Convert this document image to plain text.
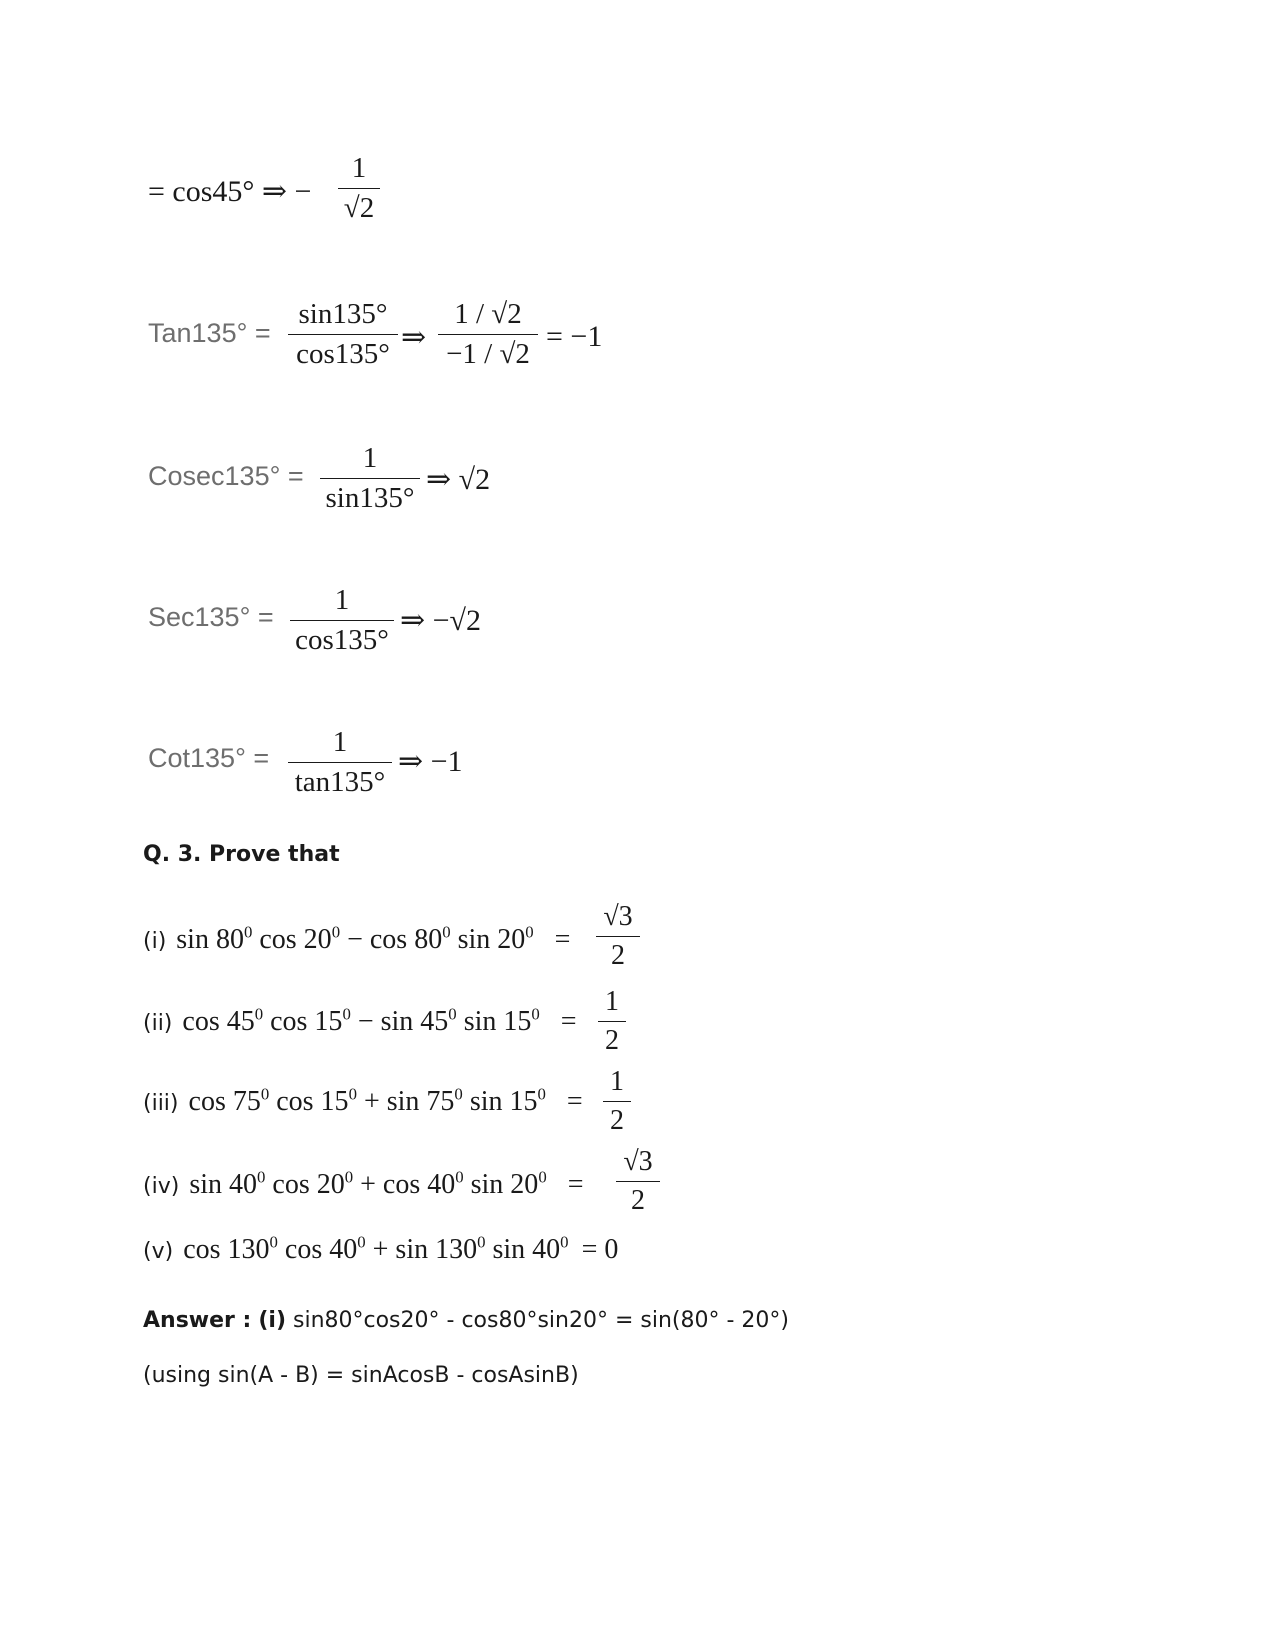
= cos45° ⇒ −
1
√2
Tan135° =
sin135°
cos135° ⇒
1 / √2
−1 / √2
= −1
Cosec135° =
1
sin135°
⇒ √2
Sec135° =
1
cos135°
⇒ −√2
Cot135° =	1
tan135°
⇒ −1
Q. 3. Prove that
(i) $\sin 80^0$ $\cos 20^0 - \cos 80^0$ $\sin 20^0$ =
√3
2
(ii) $\cos 45^0$ $\cos 15^0 - \sin 45^0$ $\sin 15^0$ =
1
2
(iii) $\cos 75^0$ $\cos 15^0 + \sin 75^0$ $\sin 15^0$ =
1
2
(iv) $\sin 40^0$ $\cos 20^0 + \cos 40^0$ $\sin 20^0$ =
√3
2
(v) $\cos 130^0$ $\cos 40^0 + \sin 130^0$ $\sin 40^0 = 0$
Answer : (i) sin80°cos20° - cos80°sin20° = sin(80° - 20°)
(using sin(A - B) = sinAcosB - cosAsinB)
